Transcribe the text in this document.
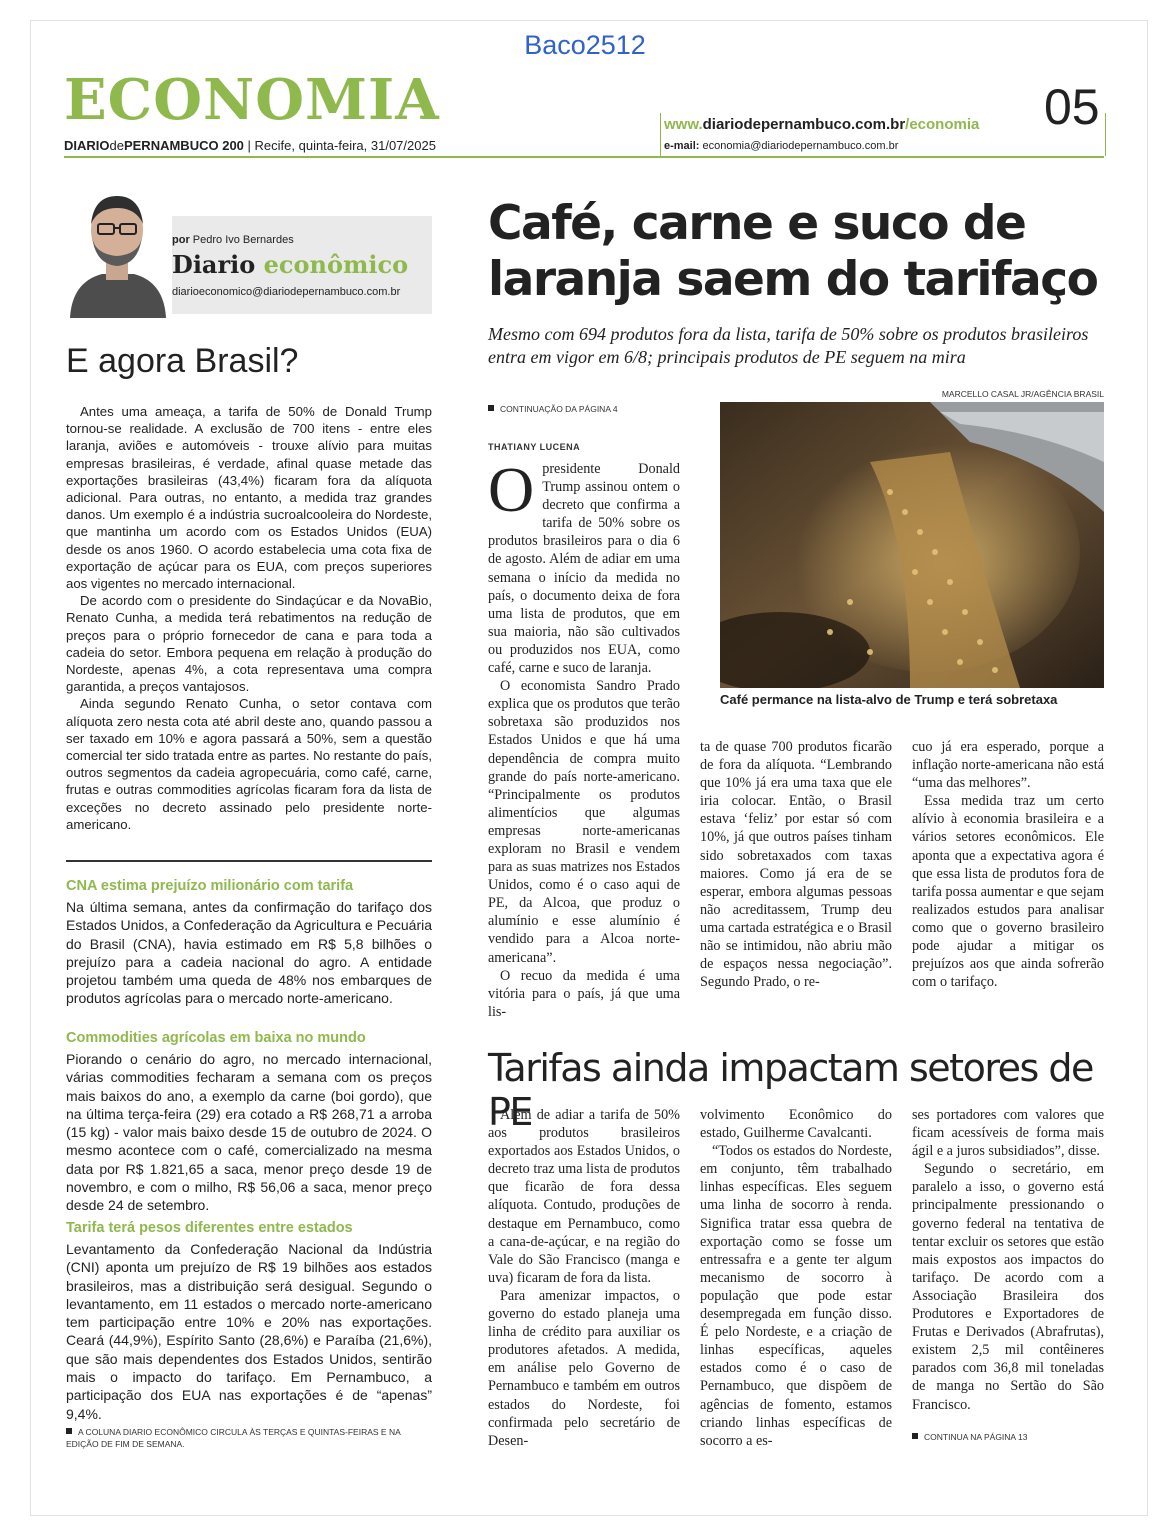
Baco2512
ECONOMIA
DIARIOdePERNAMBUCO 200 | Recife, quinta-feira, 31/07/2025
www.diariodepernambuco.com.br/economia
e-mail: economia@diariodepernambuco.com.br
05
por Pedro Ivo Bernardes
Diario econômico
diarioeconomico@diariodepernambuco.com.br
E agora Brasil?

Antes uma ameaça, a tarifa de 50% de Donald Trump tornou-se realidade. A exclusão de 700 itens - entre eles laranja, aviões e automóveis - trouxe alívio para muitas empresas brasileiras, é verdade, afinal quase metade das exportações brasileiras (43,4%) ficaram fora da alíquota adicional. Para outras, no entanto, a medida traz grandes danos. Um exemplo é a indústria sucroalcooleira do Nordeste, que mantinha um acordo com os Estados Unidos (EUA) desde os anos 1960. O acordo estabelecia uma cota fixa de exportação de açúcar para os EUA, com preços superiores aos vigentes no mercado internacional.

De acordo com o presidente do Sindaçúcar e da NovaBio, Renato Cunha, a medida terá rebatimentos na redução de preços para o próprio fornecedor de cana e para toda a cadeia do setor. Embora pequena em relação à produção do Nordeste, apenas 4%, a cota representava uma compra garantida, a preços vantajosos.

Ainda segundo Renato Cunha, o setor contava com alíquota zero nesta cota até abril deste ano, quando passou a ser taxado em 10% e agora passará a 50%, sem a questão comercial ter sido tratada entre as partes. No restante do país, outros segmentos da cadeia agropecuária, como café, carne, frutas e outras commodities agrícolas ficaram fora da lista de exceções no decreto assinado pelo presidente norte-americano.

CNA estima prejuízo milionário com tarifa
Na última semana, antes da confirmação do tarifaço dos Estados Unidos, a Confederação da Agricultura e Pecuária do Brasil (CNA), havia estimado em R$ 5,8 bilhões o prejuízo para a cadeia nacional do agro. A entidade projetou também uma queda de 48% nos embarques de produtos agrícolas para o mercado norte-americano.
Commodities agrícolas em baixa no mundo
Piorando o cenário do agro, no mercado internacional, várias commodities fecharam a semana com os preços mais baixos do ano, a exemplo da carne (boi gordo), que na última terça-feira (29) era cotado a R$ 268,71 a arroba (15 kg) - valor mais baixo desde 15 de outubro de 2024. O mesmo acontece com o café, comercializado na mesma data por R$ 1.821,65 a saca, menor preço desde 19 de novembro, e com o milho, R$ 56,06 a saca, menor preço desde 24 de setembro.
Tarifa terá pesos diferentes entre estados
Levantamento da Confederação Nacional da Indústria (CNI) aponta um prejuízo de R$ 19 bilhões aos estados brasileiros, mas a distribuição será desigual. Segundo o levantamento, em 11 estados o mercado norte-americano tem participação entre 10% e 20% nas exportações. Ceará (44,9%), Espírito Santo (28,6%) e Paraíba (21,6%), que são mais dependentes dos Estados Unidos, sentirão mais o impacto do tarifaço. Em Pernambuco, a participação dos EUA nas exportações é de “apenas” 9,4%.
A COLUNA DIARIO ECONÔMICO CIRCULA ÀS TERÇAS E QUINTAS-FEIRAS E NA EDIÇÃO DE FIM DE SEMANA.
Café, carne e suco de laranja saem do tarifaço
Mesmo com 694 produtos fora da lista, tarifa de 50% sobre os produtos brasileiros entra em vigor em 6/8; principais produtos de PE seguem na mira
MARCELLO CASAL JR/AGÊNCIA BRASIL
CONTINUAÇÃO DA PÁGINA 4
THATIANY LUCENA
Café permance na lista-alvo de Trump e terá sobretaxa
O presidente Donald Trump assinou ontem o decreto que confirma a tarifa de 50% sobre os produtos brasileiros para o dia 6 de agosto. Além de adiar em uma semana o início da medida no país, o documento deixa de fora uma lista de produtos, que em sua maioria, não são cultivados ou produzidos nos EUA, como café, carne e suco de laranja.

O economista Sandro Prado explica que os produtos que terão sobretaxa são produzidos nos Estados Unidos e que há uma dependência de compra muito grande do país norte-americano. “Principalmente os produtos alimentícios que algumas empresas norte-americanas exploram no Brasil e vendem para as suas matrizes nos Estados Unidos, como é o caso aqui de PE, da Alcoa, que produz o alumínio e esse alumínio é vendido para a Alcoa norte-americana”.

O recuo da medida é uma vitória para o país, já que uma lis-

ta de quase 700 produtos ficarão de fora da alíquota. “Lembrando que 10% já era uma taxa que ele iria colocar. Então, o Brasil estava ‘feliz’ por estar só com 10%, já que outros países tinham sido sobretaxados com taxas maiores. Como já era de se esperar, embora algumas pessoas não acreditassem, Trump deu uma cartada estratégica e o Brasil não se intimidou, não abriu mão de espaços nessa negociação”. Segundo Prado, o re-

cuo já era esperado, porque a inflação norte-americana não está “uma das melhores”.

Essa medida traz um certo alívio à economia brasileira e a vários setores econômicos. Ele aponta que a expectativa agora é que essa lista de produtos fora de tarifa possa aumentar e que sejam realizados estudos para analisar como que o governo brasileiro pode ajudar a mitigar os prejuízos aos que ainda sofrerão com o tarifaço.

Tarifas ainda impactam setores de PE

Além de adiar a tarifa de 50% aos produtos brasileiros exportados aos Estados Unidos, o decreto traz uma lista de produtos que ficarão de fora dessa alíquota. Contudo, produções de destaque em Pernambuco, como a cana-de-açúcar, e na região do Vale do São Francisco (manga e uva) ficaram de fora da lista.

Para amenizar impactos, o governo do estado planeja uma linha de crédito para auxiliar os produtores afetados. A medida, em análise pelo Governo de Pernambuco e também em outros estados do Nordeste, foi confirmada pelo secretário de Desen-

volvimento Econômico do estado, Guilherme Cavalcanti.

“Todos os estados do Nordeste, em conjunto, têm trabalhado linhas específicas. Eles seguem uma linha de socorro à renda. Significa tratar essa quebra de exportação como se fosse um entressafra e a gente ter algum mecanismo de socorro à população que pode estar desempregada em função disso. É pelo Nordeste, e a criação de linhas específicas, aqueles estados como é o caso de Pernambuco, que dispõem de agências de fomento, estamos criando linhas específicas de socorro a es-

ses portadores com valores que ficam acessíveis de forma mais ágil e a juros subsidiados”, disse.

Segundo o secretário, em paralelo a isso, o governo está principalmente pressionando o governo federal na tentativa de tentar excluir os setores que estão mais expostos aos impactos do tarifaço. De acordo com a Associação Brasileira dos Produtores e Exportadores de Frutas e Derivados (Abrafrutas), existem 2,5 mil contêineres parados com 36,8 mil toneladas de manga no Sertão do São Francisco.

CONTINUA NA PÁGINA 13
